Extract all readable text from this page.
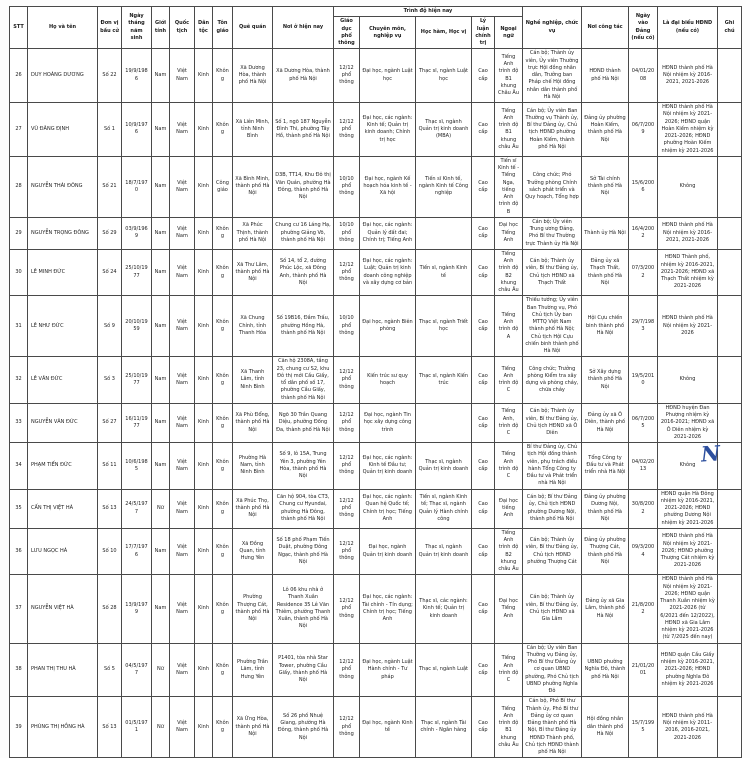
STT	Họ và tên	Đơn vị bầu cử	Ngày tháng năm sinh	Giới tính	Quốc tịch	Dân tộc	Tôn giáo	Quê quán	Nơi ở hiện nay	Trình độ hiện nay					Nghề nghiệp, chức vụ	Nơi công tác	Ngày vào Đảng (nếu có)	Là đại biểu HĐND (nếu có)	Ghi chú
										Giáo dục phổ thông	Chuyên môn, nghiệp vụ	Học hàm, Học vị	Lý luận chính trị	Ngoại ngữ					
26	DUY HOÀNG DƯƠNG	Số 22	19/9/1986	Nam	Việt Nam	Kinh	Không	Xã Dương Hòa, thành phố Hà Nội	Xã Dương Hòa, thành phố Hà Nội	12/12 phổ thông	Đại học, ngành Luật học	Thạc sĩ, ngành Luật học	Cao cấp	Tiếng Anh trình độ B1 khung Châu Âu	Cán bộ; Thành ủy viên, Ủy viên Thường trực Hội đồng nhân dân, Trưởng ban Pháp chế Hội đồng nhân dân thành phố Hà Nội	HĐND thành phố Hà Nội	04/01/2008	HĐND thành phố Hà Nội nhiệm kỳ 2016-2021, 2021-2026	
27	VŨ ĐĂNG ĐỊNH	Số 1	10/9/1976	Nam	Việt Nam	Kinh	Không	Xã Liên Minh, tỉnh Ninh Bình	Số 1, ngõ 187 Nguyễn Đình Thi, phường Tây Hồ, thành phố Hà Nội	12/12 phổ thông	Đại học, các ngành: Kinh tế; Quản trị kinh doanh; Chính trị học	Thạc sĩ, ngành Quản trị kinh doanh (MBA)	Cao cấp	Tiếng Anh trình độ B1 khung châu Âu	Cán bộ; Ủy viên Ban Thường vụ Thành ủy, Bí thư Đảng ủy, Chủ tịch HĐND phường Hoàn Kiếm, thành phố Hà Nội	Đảng ủy phường Hoàn Kiếm, thành phố Hà Nội	06/7/2009	HĐND thành phố Hà Nội nhiệm kỳ 2021-2026; HĐND quận Hoàn Kiếm nhiệm kỳ 2021-2026; HĐND phường Hoàn Kiếm nhiệm kỳ 2021-2026	
28	NGUYỄN THÁI ĐÔNG	Số 21	18/7/1970	Nam	Việt Nam	Kinh	Công giáo	Xã Bình Minh, thành phố Hà Nội	D3B, TT14, Khu Đô thị Văn Quán, phường Hà Đông, thành phố Hà Nội	10/10 phổ thông	Đại học, ngành Kế hoạch hóa kinh tế - Xã hội	Tiến sĩ Kinh tế, ngành Kinh tế Công nghiệp	Cao cấp	Tiến sĩ Kinh tế - Tiếng Nga, tiếng Anh trình độ B	Công chức; Phó Trưởng phòng Chính sách phát triển và Quy hoạch, Tổng hợp	Sở Tài chính thành phố Hà Nội	15/6/2006	Không	
29	NGUYỄN TRỌNG ĐÔNG	Số 29	03/9/1969	Nam	Việt Nam	Kinh	Không	Xã Phúc Thịnh, thành phố Hà Nội	Chung cư 16 Láng Hạ, phường Giảng Võ, thành phố Hà Nội	10/10 phổ thông	Đại học, các ngành: Quản lý đất đai; Chính trị; Tiếng Anh		Cao cấp	Đại học Tiếng Anh	Cán bộ; Ủy viên Trung ương Đảng, Phó Bí thư Thường trực Thành ủy Hà Nội	Thành ủy Hà Nội	16/4/2002	HĐND thành phố Hà Nội nhiệm kỳ 2016-2021, 2021-2026	
30	LÊ MINH ĐỨC	Số 24	25/10/1977	Nam	Việt Nam	Kinh	Không	Xã Thư Lâm, thành phố Hà Nội	Số 14, tổ 2, đường Phúc Lộc, xã Đông Anh, thành phố Hà Nội	12/12 phổ thông	Đại học, các ngành: Luật; Quản trị kinh doanh công nghiệp và xây dựng cơ bản	Tiến sĩ, ngành Kinh tế	Cao cấp	Tiếng Anh trình độ B2 khung châu Âu	Cán bộ; Thành ủy viên, Bí thư Đảng ủy, Chủ tịch HĐND xã Thạch Thất	Đảng ủy xã Thạch Thất, thành phố Hà Nội	07/3/2002	HĐND Thành phố, nhiệm kỳ 2016-2021, 2021-2026; HĐND xã Thạch Thất nhiệm kỳ 2021-2026	
31	LÊ NHƯ ĐỨC	Số 9	20/10/1959	Nam	Việt Nam	Kinh	Không	Xã Chung Chính, tỉnh Thanh Hóa	Số 19B16, Đầm Trấu, phường Hồng Hà, thành phố Hà Nội	10/10 phổ thông	Đại học, ngành Biên phòng	Thạc sĩ, ngành Triết học	Cao cấp	Tiếng Anh trình độ A	Thiếu tướng; Ủy viên Ban Thường vụ, Phó Chủ tịch Ủy ban MTTQ Việt Nam thành phố Hà Nội; Chủ tịch Hội Cựu chiến binh thành phố Hà Nội	Hội Cựu chiến binh thành phố Hà Nội	29/7/1983	HĐND thành phố Hà Nội nhiệm kỳ 2021-2026	
32	LÊ VĂN ĐỨC	Số 3	25/10/1977	Nam	Việt Nam	Kinh	Không	Xã Thanh Lâm, tỉnh Ninh Bình	Căn hộ 2308A, tầng 23, chung cư S2, khu Đô thị mới Cầu Giấy, tổ dân phố số 17, phường Cầu Giấy, thành phố Hà Nội	12/12 phổ thông	Kiến trúc sư quy hoạch	Thạc sĩ, ngành Kiến trúc	Cao cấp	Tiếng Anh trình độ C	Công chức; Trưởng phòng Kiểm tra xây dựng và phòng cháy, chữa cháy	Sở Xây dựng thành phố Hà Nội	19/5/2010	Không	
33	NGUYỄN VĂN ĐỨC	Số 27	16/11/1977	Nam	Việt Nam	Kinh	Không	Xã Phù Đổng, thành phố Hà Nội	Ngõ 30 Trần Quang Diệu, phường Đống Đa, thành phố Hà Nội	12/12 phổ thông	Đại học, ngành Tin học xây dựng công trình		Cao cấp	Tiếng Anh, trình độ C	Cán bộ; Thành ủy viên, Bí thư Đảng ủy, Chủ tịch HĐND xã Ô Diên	Đảng ủy xã Ô Diên, thành phố Hà Nội	06/7/2005	HĐND huyện Đan Phượng nhiệm kỳ 2016-2021; HĐND xã Ô Diên nhiệm kỳ 2021-2026	
34	PHẠM TIẾN ĐỨC	Số 11	10/6/1985	Nam	Việt Nam	Kinh	Không	Phường Hà Nam, tỉnh Ninh Bình	Số 9, lô 15A, Trung Yên 3, phường Yên Hòa, thành phố Hà Nội	12/12 phổ thông	Đại học, các ngành: Kinh tế Đầu tư; Quản trị kinh doanh	Thạc sĩ, ngành Quản trị kinh doanh	Cao cấp	Tiếng Anh trình độ C	Bí thư Đảng ủy, Chủ tịch Hội đồng thành viên, phụ trách điều hành Tổng Công ty Đầu tư và Phát triển nhà Hà Nội	Tổng Công ty Đầu tư và Phát triển nhà Hà Nội	04/02/2013	Không	
35	CẤN THỊ VIỆT HÀ	Số 13	24/5/1977	Nữ	Việt Nam	Kinh	Không	Xã Phúc Thọ, thành phố Hà Nội	Căn hộ 904, tòa CT3, Chung cư Hyundai, phường Hà Đông, thành phố Hà Nội	12/12 phổ thông	Đại học, các ngành: Quan hệ Quốc tế; Chính trị học; Tiếng Anh	Tiến sĩ, ngành Kinh tế; Thạc sĩ, ngành Quản lý Hành chính công	Cao cấp	Đại học tiếng Anh	Cán bộ; Bí thư Đảng ủy, Chủ tịch HĐND phường Dương Nội, thành phố Hà Nội	Đảng ủy phường Dương Nội, thành phố Hà Nội	30/8/2002	HĐND quận Hà Đông nhiệm kỳ 2016-2021, 2021-2026; HĐND phường Dương Nội nhiệm kỳ 2021-2026	
36	LƯU NGỌC HÀ	Số 10	17/7/1976	Nam	Việt Nam	Kinh	Không	Xã Đồng Quan, tỉnh Hưng Yên	Số 18 phố Phạm Tiến Duật, phường Đông Ngạc, thành phố Hà Nội	12/12 phổ thông	Đại học, ngành Quản trị kinh doanh	Thạc sĩ, ngành Quản trị kinh doanh	Cao cấp	Tiếng Anh trình độ B2 khung châu Âu	Cán bộ; Thành ủy viên, Bí thư Đảng ủy, Chủ tịch HĐND phường Thượng Cát	Đảng ủy phường Thượng Cát, thành phố Hà Nội	09/3/2004	HĐND thành phố Hà Nội nhiệm kỳ 2021-2026; HĐND phường Thượng Cát nhiệm kỳ 2021-2026	
37	NGUYỄN VIỆT HÀ	Số 28	13/9/1979	Nam	Việt Nam	Kinh	Không	Phường Thượng Cát, thành phố Hà Nội	Lô 06 khu nhà ở Thanh Xuân Residence 35 Lê Văn Thiêm, phường Thanh Xuân, thành phố Hà Nội	12/12 phổ thông	Đại học, các ngành: Tài chính - Tín dụng; Chính trị học; Tiếng Anh	Thạc sĩ, các ngành: Kinh tế; Quản trị kinh doanh	Cao cấp	Đại học Tiếng Anh	Cán bộ; Thành ủy viên, Bí thư Đảng ủy, Chủ tịch HĐND xã Gia Lâm	Đảng ủy xã Gia Lâm, thành phố Hà Nội	21/8/2002	HĐND thành phố Hà Nội nhiệm kỳ 2021-2026; HĐND quận Thanh Xuân nhiệm kỳ 2021-2026 (từ 6/2021 đến 12/2022), HĐND xã Gia Lâm nhiệm kỳ 2021-2026 (từ 7/2025 đến nay)	
38	PHAN THỊ THU HÀ	Số 5	04/5/1977	Nữ	Việt Nam	Kinh	Không	Phường Trần Lãm, tỉnh Hưng Yên	P1401, tòa nhà Star Tower, phường Cầu Giấy, thành phố Hà Nội	12/12 phổ thông	Đại học, ngành Luật Hành chính - Tư pháp	Thạc sĩ, ngành Luật	Cao cấp	Tiếng Anh trình độ C	Cán bộ; Ủy viên Ban Thường vụ Đảng ủy, Phó Bí thư Đảng ủy cơ quan UBND phường, Phó Chủ tịch UBND phường Nghĩa Đô	UBND phường Nghĩa Đô, thành phố Hà Nội	21/01/2001	HĐND quận Cầu Giấy nhiệm kỳ 2016-2021, 2021-2026; HĐND phường Nghĩa Đô nhiệm kỳ 2021-2026	
39	PHÙNG THỊ HỒNG HÀ	Số 13	01/5/1971	Nữ	Việt Nam	Kinh	Không	Xã Ứng Hòa, thành phố Hà Nội	Số 26 phố Nhuệ Giang, phường Hà Đông, thành phố Hà Nội	12/12 phổ thông	Đại học, ngành Kinh tế	Thạc sĩ, ngành Tài chính - Ngân hàng	Cao cấp	Tiếng Anh trình độ B1 khung châu Âu	Cán bộ, Phó Bí thư Thành ủy, Phó Bí thư Đảng ủy cơ quan Đảng thành phố Hà Nội, Bí thư Đảng ủy HĐND Thành phố, Chủ tịch HĐND thành phố Hà Nội	Hội đồng nhân dân thành phố Hà Nội	15/7/1995	HĐND thành phố Hà Nội nhiệm kỳ 2011-2016, 2016-2021, 2021-2026	
N
